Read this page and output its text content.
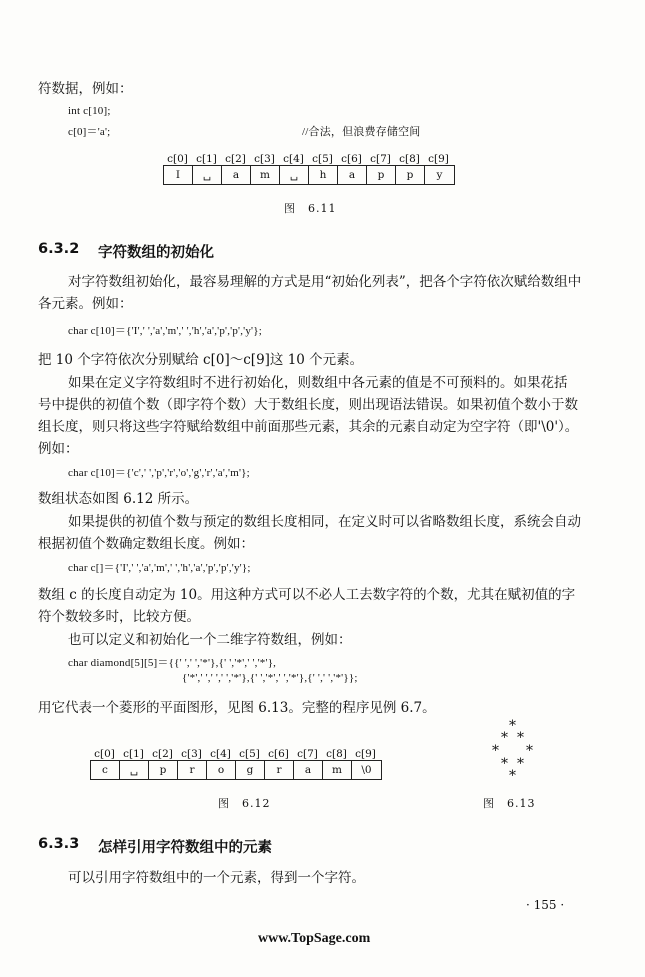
符数据，例如：
int c[10];
c[0]＝'a';	//合法，但浪费存储空间
c[0] c[1] c[2] c[3] c[4] c[5] c[6] c[7] c[8] c[9]
I	␣	a	m	␣	h	a	p	p	y
图　6.11
6.3.2 字符数组的初始化
对字符数组初始化，最容易理解的方式是用“初始化列表”，把各个字符依次赋给数组中
各元素。例如：
char c[10]＝{'I',' ','a','m',' ','h','a','p','p','y'};
把 10 个字符依次分别赋给 c[0]～c[9]这 10 个元素。
如果在定义字符数组时不进行初始化，则数组中各元素的值是不可预料的。如果花括
号中提供的初值个数（即字符个数）大于数组长度，则出现语法错误。如果初值个数小于数
组长度，则只将这些字符赋给数组中前面那些元素，其余的元素自动定为空字符（即'\0'）。
例如：
char c[10]＝{'c',' ','p','r','o','g','r','a','m'};
数组状态如图 6.12 所示。
如果提供的初值个数与预定的数组长度相同，在定义时可以省略数组长度，系统会自动
根据初值个数确定数组长度。例如：
char c[]＝{'I',' ','a','m',' ','h','a','p','p','y'};
数组 c 的长度自动定为 10。用这种方式可以不必人工去数字符的个数，尤其在赋初值的字
符个数较多时，比较方便。
也可以定义和初始化一个二维字符数组，例如：
char diamond[5][5]＝{{' ',' ','*'},{' ','*',' ','*'},
{'*',' ',' ',' ','*'},{' ','*',' ','*'},{' ',' ','*'}};
用它代表一个菱形的平面图形，见图 6.13。完整的程序见例 6.7。
c[0] c[1] c[2] c[3] c[4] c[5] c[6] c[7] c[8] c[9]
c	␣	p	r	o	g	r	a	m	\0
图　6.12
*
* *
* *
* *
*
图　6.13
6.3.3 怎样引用字符数组中的元素
可以引用字符数组中的一个元素，得到一个字符。
· 155 ·
www.TopSage.com
